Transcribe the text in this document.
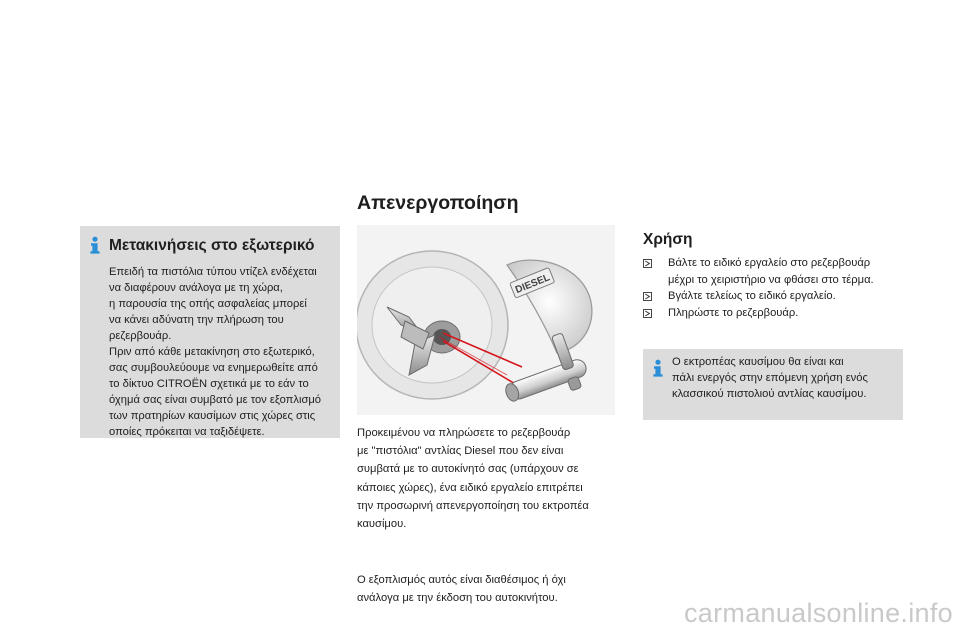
Μετακινήσεις στο εξωτερικό
Επειδή τα πιστόλια τύπου ντίζελ ενδέχεται
να διαφέρουν ανάλογα με τη χώρα,
η παρουσία της οπής ασφαλείας μπορεί
να κάνει αδύνατη την πλήρωση του
ρεζερβουάρ.
Πριν από κάθε μετακίνηση στο εξωτερικό,
σας συμβουλεύουμε να ενημερωθείτε από
το δίκτυο CITROËN σχετικά με το εάν το
όχημά σας είναι συμβατό με τον εξοπλισμό
των πρατηρίων καυσίμων στις χώρες στις
οποίες πρόκειται να ταξιδέψετε.
Απενεργοποίηση
DIESEL
Προκειμένου να πληρώσετε το ρεζερβουάρ
με "πιστόλια" αντλίας Diesel που δεν είναι
συμβατά με το αυτοκίνητό σας (υπάρχουν σε
κάποιες χώρες), ένα ειδικό εργαλείο επιτρέπει
την προσωρινή απενεργοποίηση του εκτροπέα
καυσίμου.
Ο εξοπλισμός αυτός είναι διαθέσιμος ή όχι
ανάλογα με την έκδοση του αυτοκινήτου.
Χρήση
Βάλτε το ειδικό εργαλείο στο ρεζερβουάρ
μέχρι το χειριστήριο να φθάσει στο τέρμα.
Βγάλτε τελείως το ειδικό εργαλείο.
Πληρώστε το ρεζερβουάρ.
Ο εκτροπέας καυσίμου θα είναι και
πάλι ενεργός στην επόμενη χρήση ενός
κλασσικού πιστολιού αντλίας καυσίμου.
carmanualsonline.info
